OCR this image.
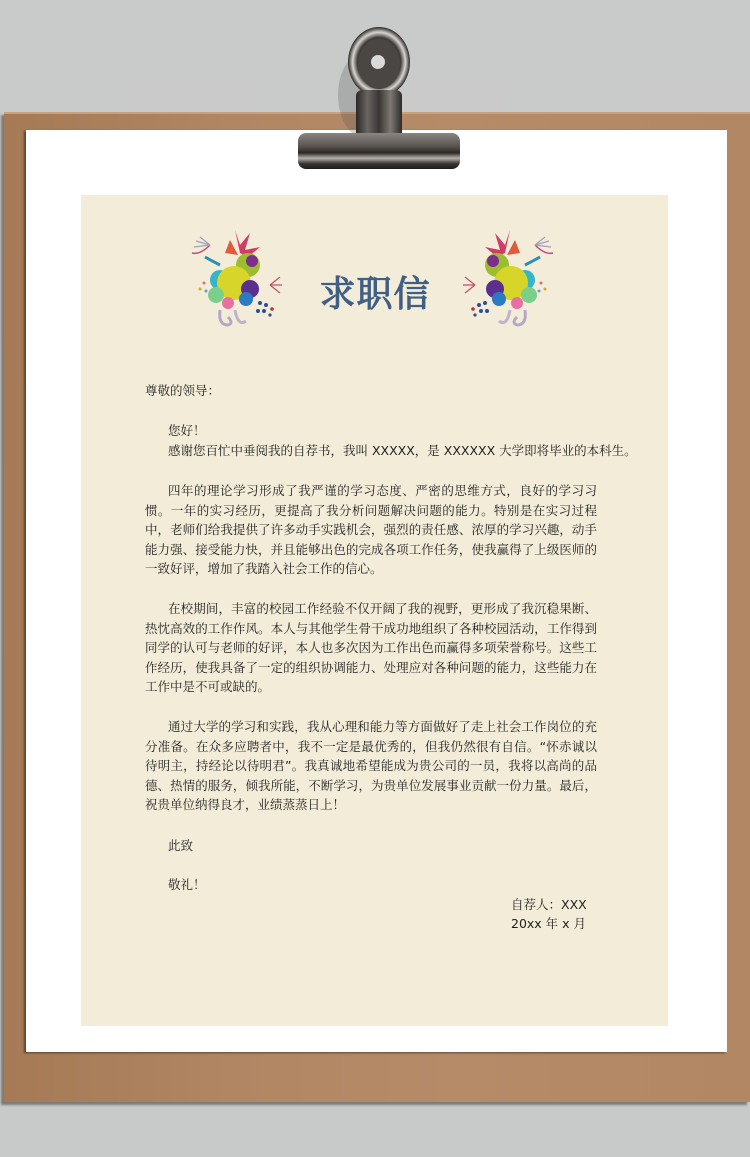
求职信
尊敬的领导：
您好！
感谢您百忙中垂阅我的自荐书，我叫 XXXXX，是 XXXXXX 大学即将毕业的本科生。
四年的理论学习形成了我严谨的学习态度、严密的思维方式，良好的学习习惯。一年的实习经历，更提高了我分析问题解决问题的能力。特别是在实习过程中，老师们给我提供了许多动手实践机会，强烈的责任感、浓厚的学习兴趣，动手能力强、接受能力快，并且能够出色的完成各项工作任务，使我赢得了上级医师的一致好评，增加了我踏入社会工作的信心。
在校期间，丰富的校园工作经验不仅开阔了我的视野，更形成了我沉稳果断、热忱高效的工作作风。本人与其他学生骨干成功地组织了各种校园活动，工作得到同学的认可与老师的好评，本人也多次因为工作出色而赢得多项荣誉称号。这些工作经历，使我具备了一定的组织协调能力、处理应对各种问题的能力，这些能力在工作中是不可或缺的。
通过大学的学习和实践，我从心理和能力等方面做好了走上社会工作岗位的充分准备。在众多应聘者中，我不一定是最优秀的，但我仍然很有自信。“怀赤诚以待明主，持经论以待明君”。我真诚地希望能成为贵公司的一员，我将以高尚的品德、热情的服务，倾我所能，不断学习，为贵单位发展事业贡献一份力量。最后，祝贵单位纳得良才，业绩蒸蒸日上！
此致
敬礼！
自荐人：XXX
20xx 年 x 月
